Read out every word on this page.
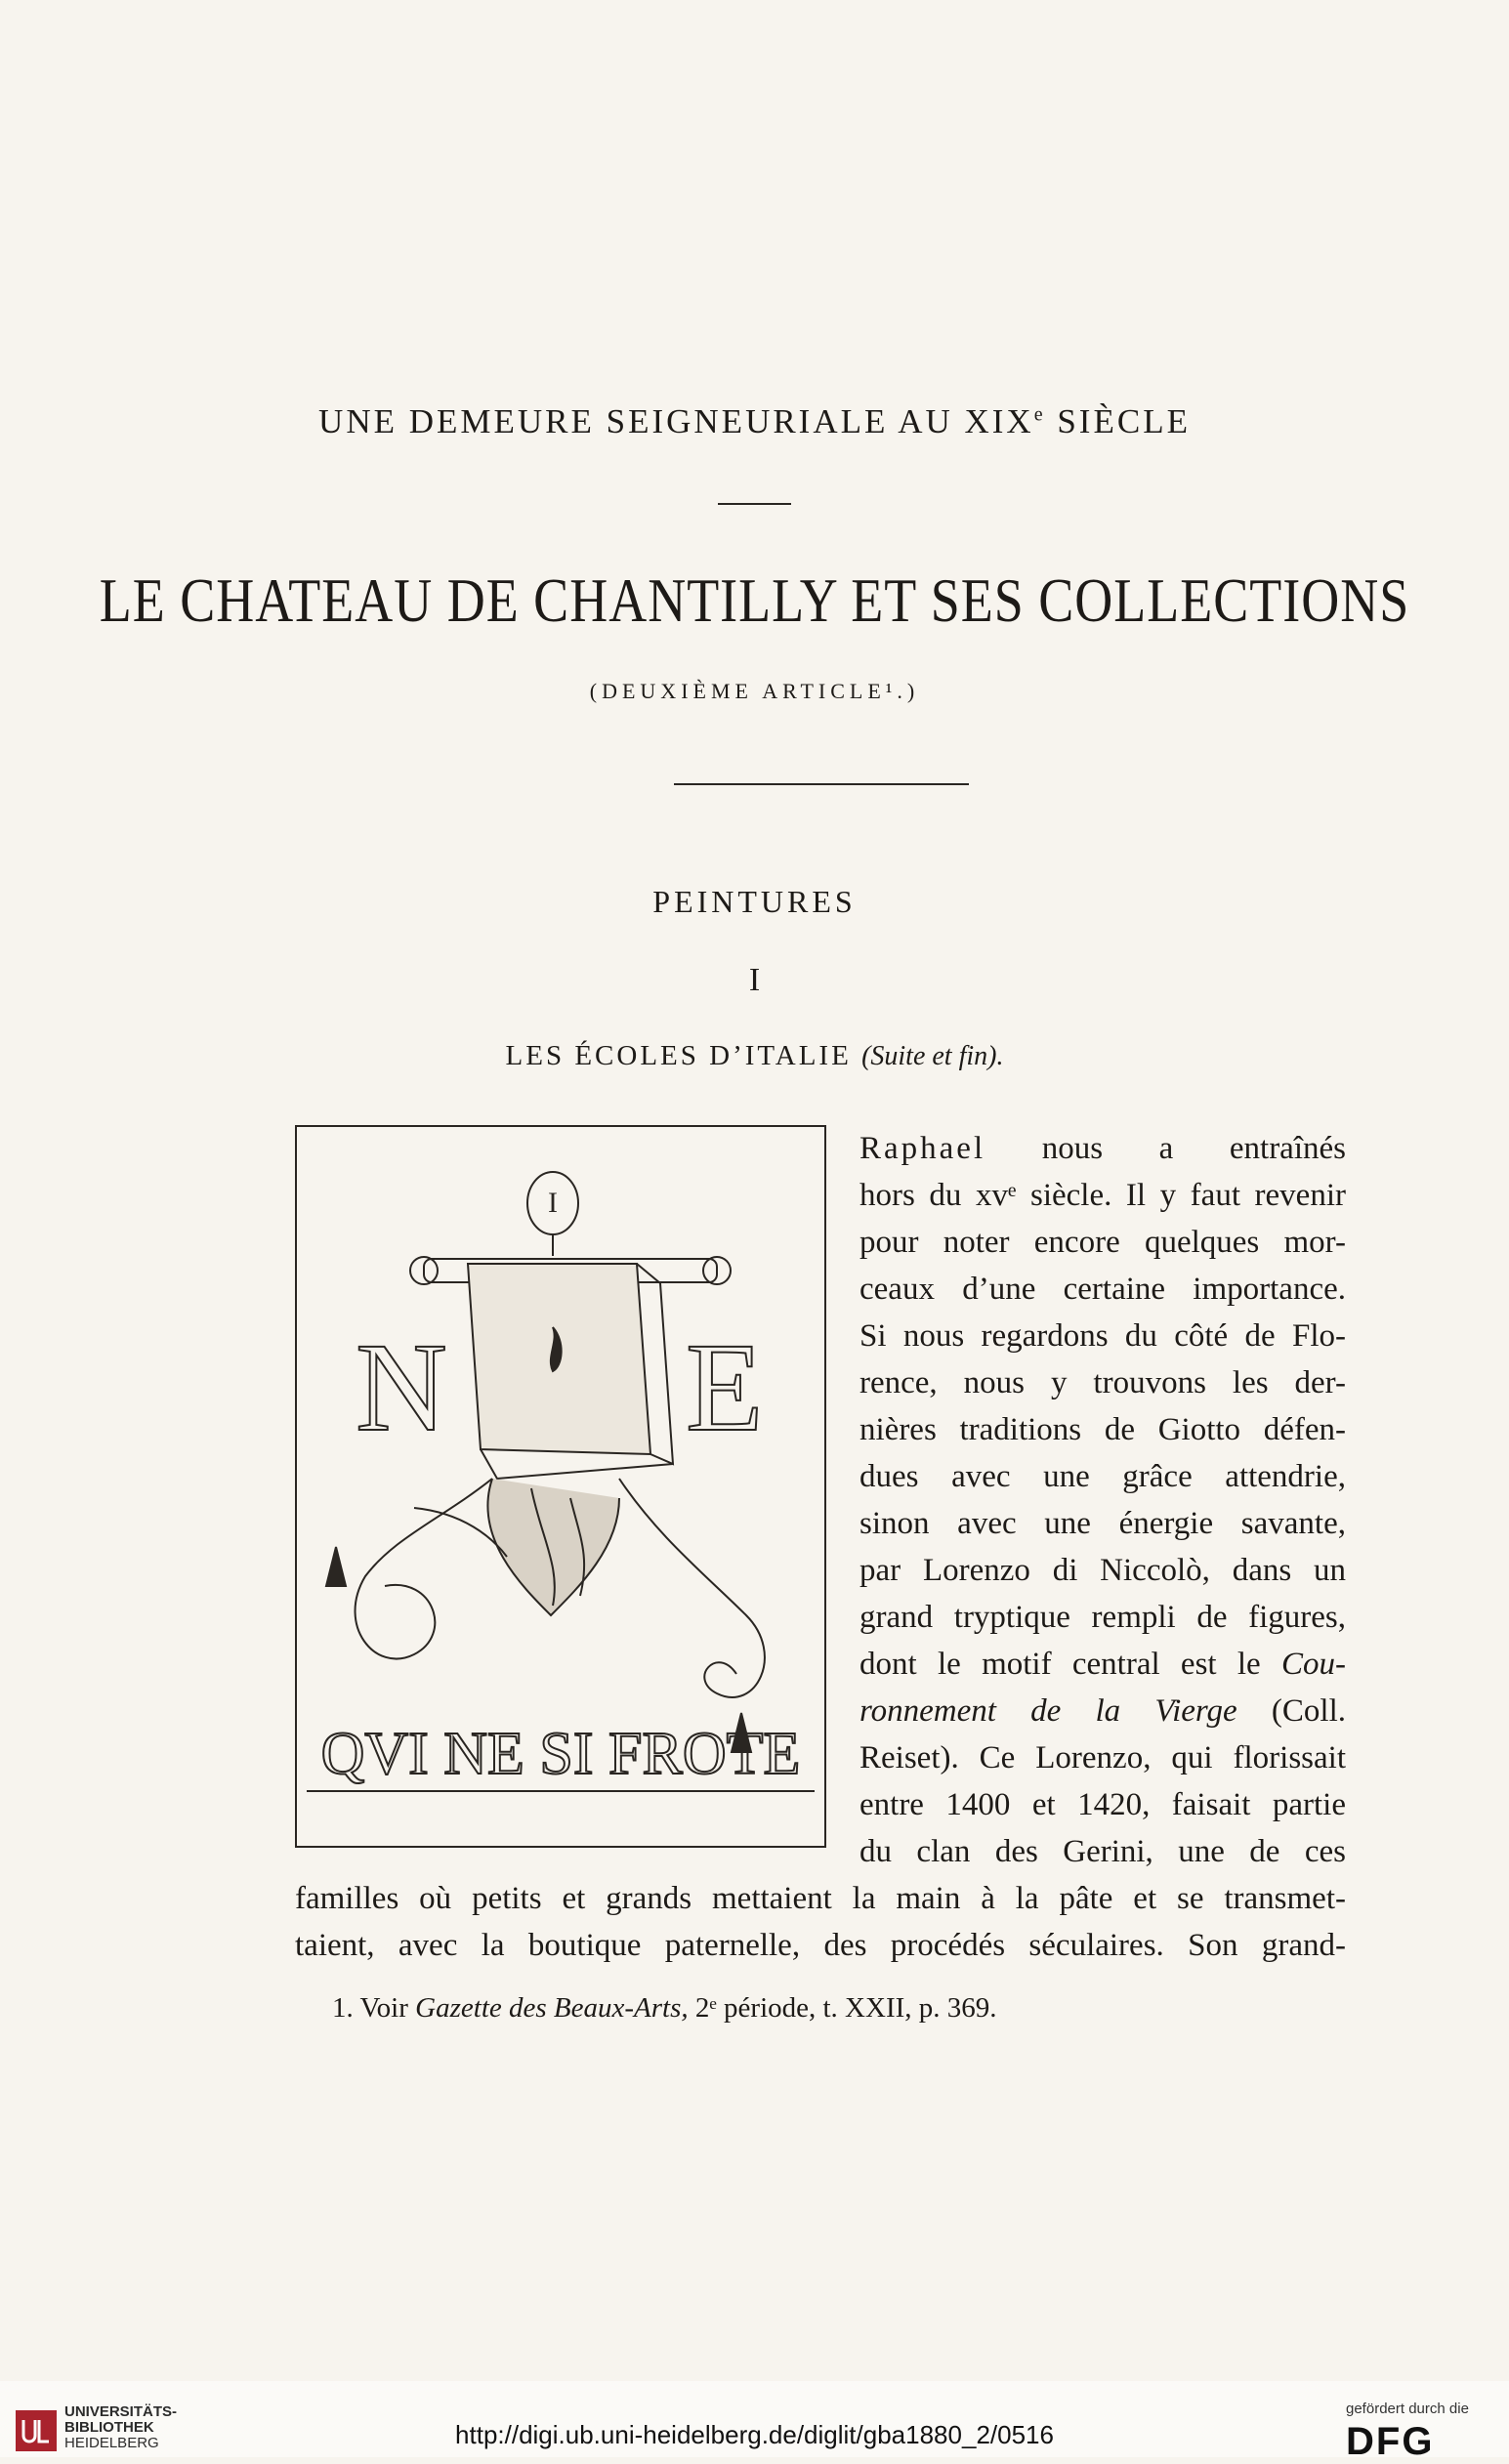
UNE DEMEURE SEIGNEURIALE AU XIXe SIÈCLE
LE CHATEAU DE CHANTILLY ET SES COLLECTIONS
(DEUXIÈME ARTICLE¹.)
PEINTURES
I
LES ÉCOLES D’ITALIE (Suite et fin).
N E
I
QVI NE SI FROTE
Raphael nous a entraînés
hors du xvᵉ siècle. Il y faut revenir
pour noter encore quelques mor-
ceaux d’une certaine importance.
Si nous regardons du côté de Flo-
rence, nous y trouvons les der-
nières traditions de Giotto défen-
dues avec une grâce attendrie,
sinon avec une énergie savante,
par Lorenzo di Niccolò, dans un
grand tryptique rempli de figures,
dont le motif central est le Cou-
ronnement de la Vierge (Coll.
Reiset). Ce Lorenzo, qui florissait
entre 1400 et 1420, faisait partie
du clan des Gerini, une de ces
familles où petits et grands mettaient la main à la pâte et se transmet-
taient, avec la boutique paternelle, des procédés séculaires. Son grand-
1. Voir Gazette des Beaux-Arts, 2ᵉ période, t. XXII, p. 369.
UNIVERSITÄTS-
BIBLIOTHEK
HEIDELBERG	http://digi.ub.uni-heidelberg.de/diglit/gba1880_2/0516
gefördert durch die
DFG
